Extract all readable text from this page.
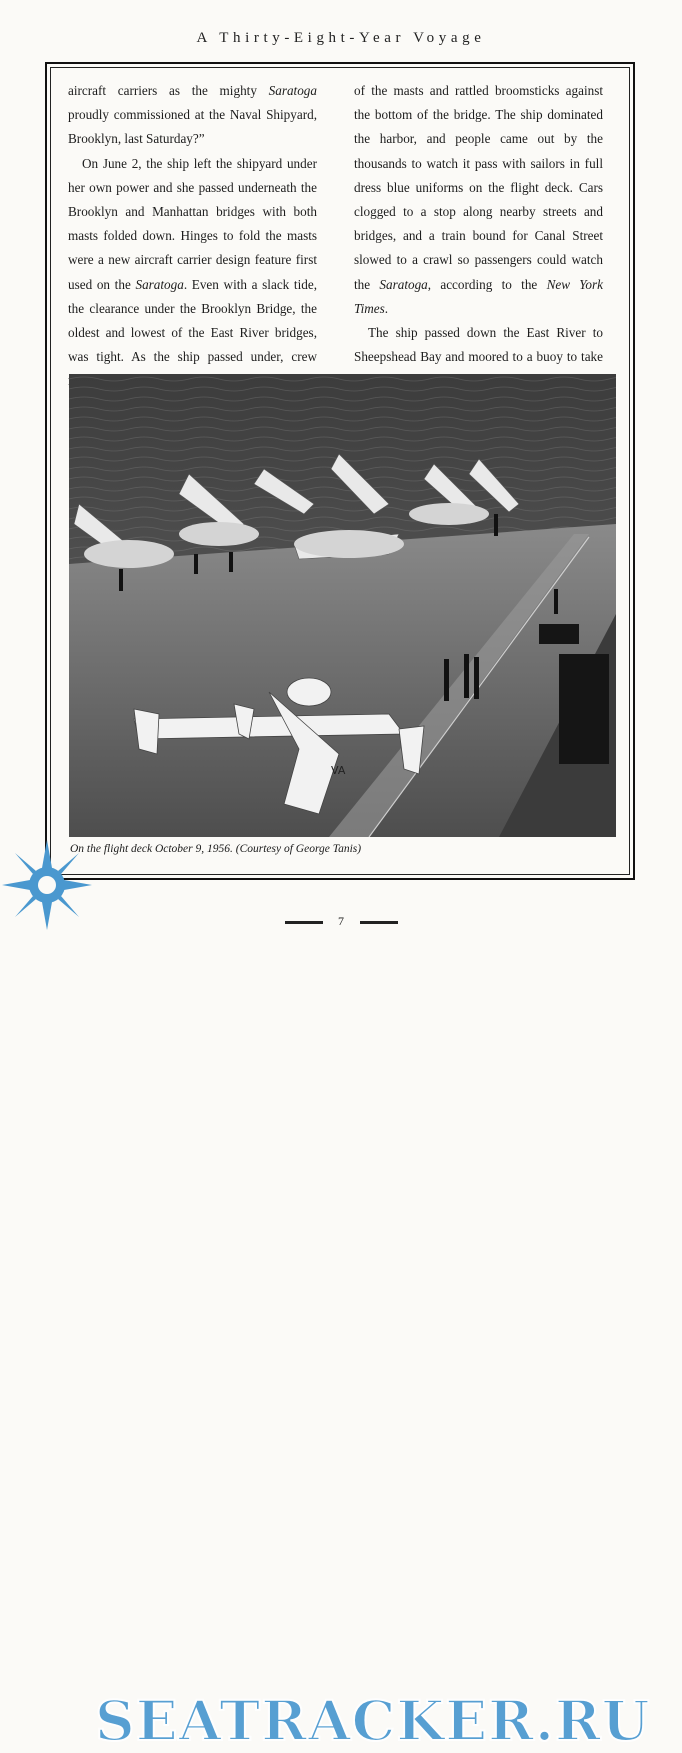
A Thirty-Eight-Year Voyage

aircraft carriers as the mighty Saratoga proudly commissioned at the Naval Shipyard, Brooklyn, last Saturday?”

On June 2, the ship left the shipyard under her own power and she passed underneath the Brooklyn and Manhattan bridges with both masts folded down. Hinges to fold the masts were a new aircraft carrier design feature first used on the Saratoga. Even with a slack tide, the clearance under the Brooklyn Bridge, the oldest and lowest of the East River bridges, was tight. As the ship passed under, crew

of the masts and rattled broomsticks against the bottom of the bridge. The ship dominated the harbor, and people came out by the thousands to watch it pass with sailors in full dress blue uniforms on the flight deck. Cars clogged to a stop along nearby streets and bridges, and a train bound for Canal Street slowed to a crawl so passengers could watch the Saratoga, according to the New York Times.

The ship passed down the East River to Sheepshead Bay and moored to a buoy to take

VA
On the flight deck October 9, 1956. (Courtesy of George Tanis)
SEATRACKER.RU
7
